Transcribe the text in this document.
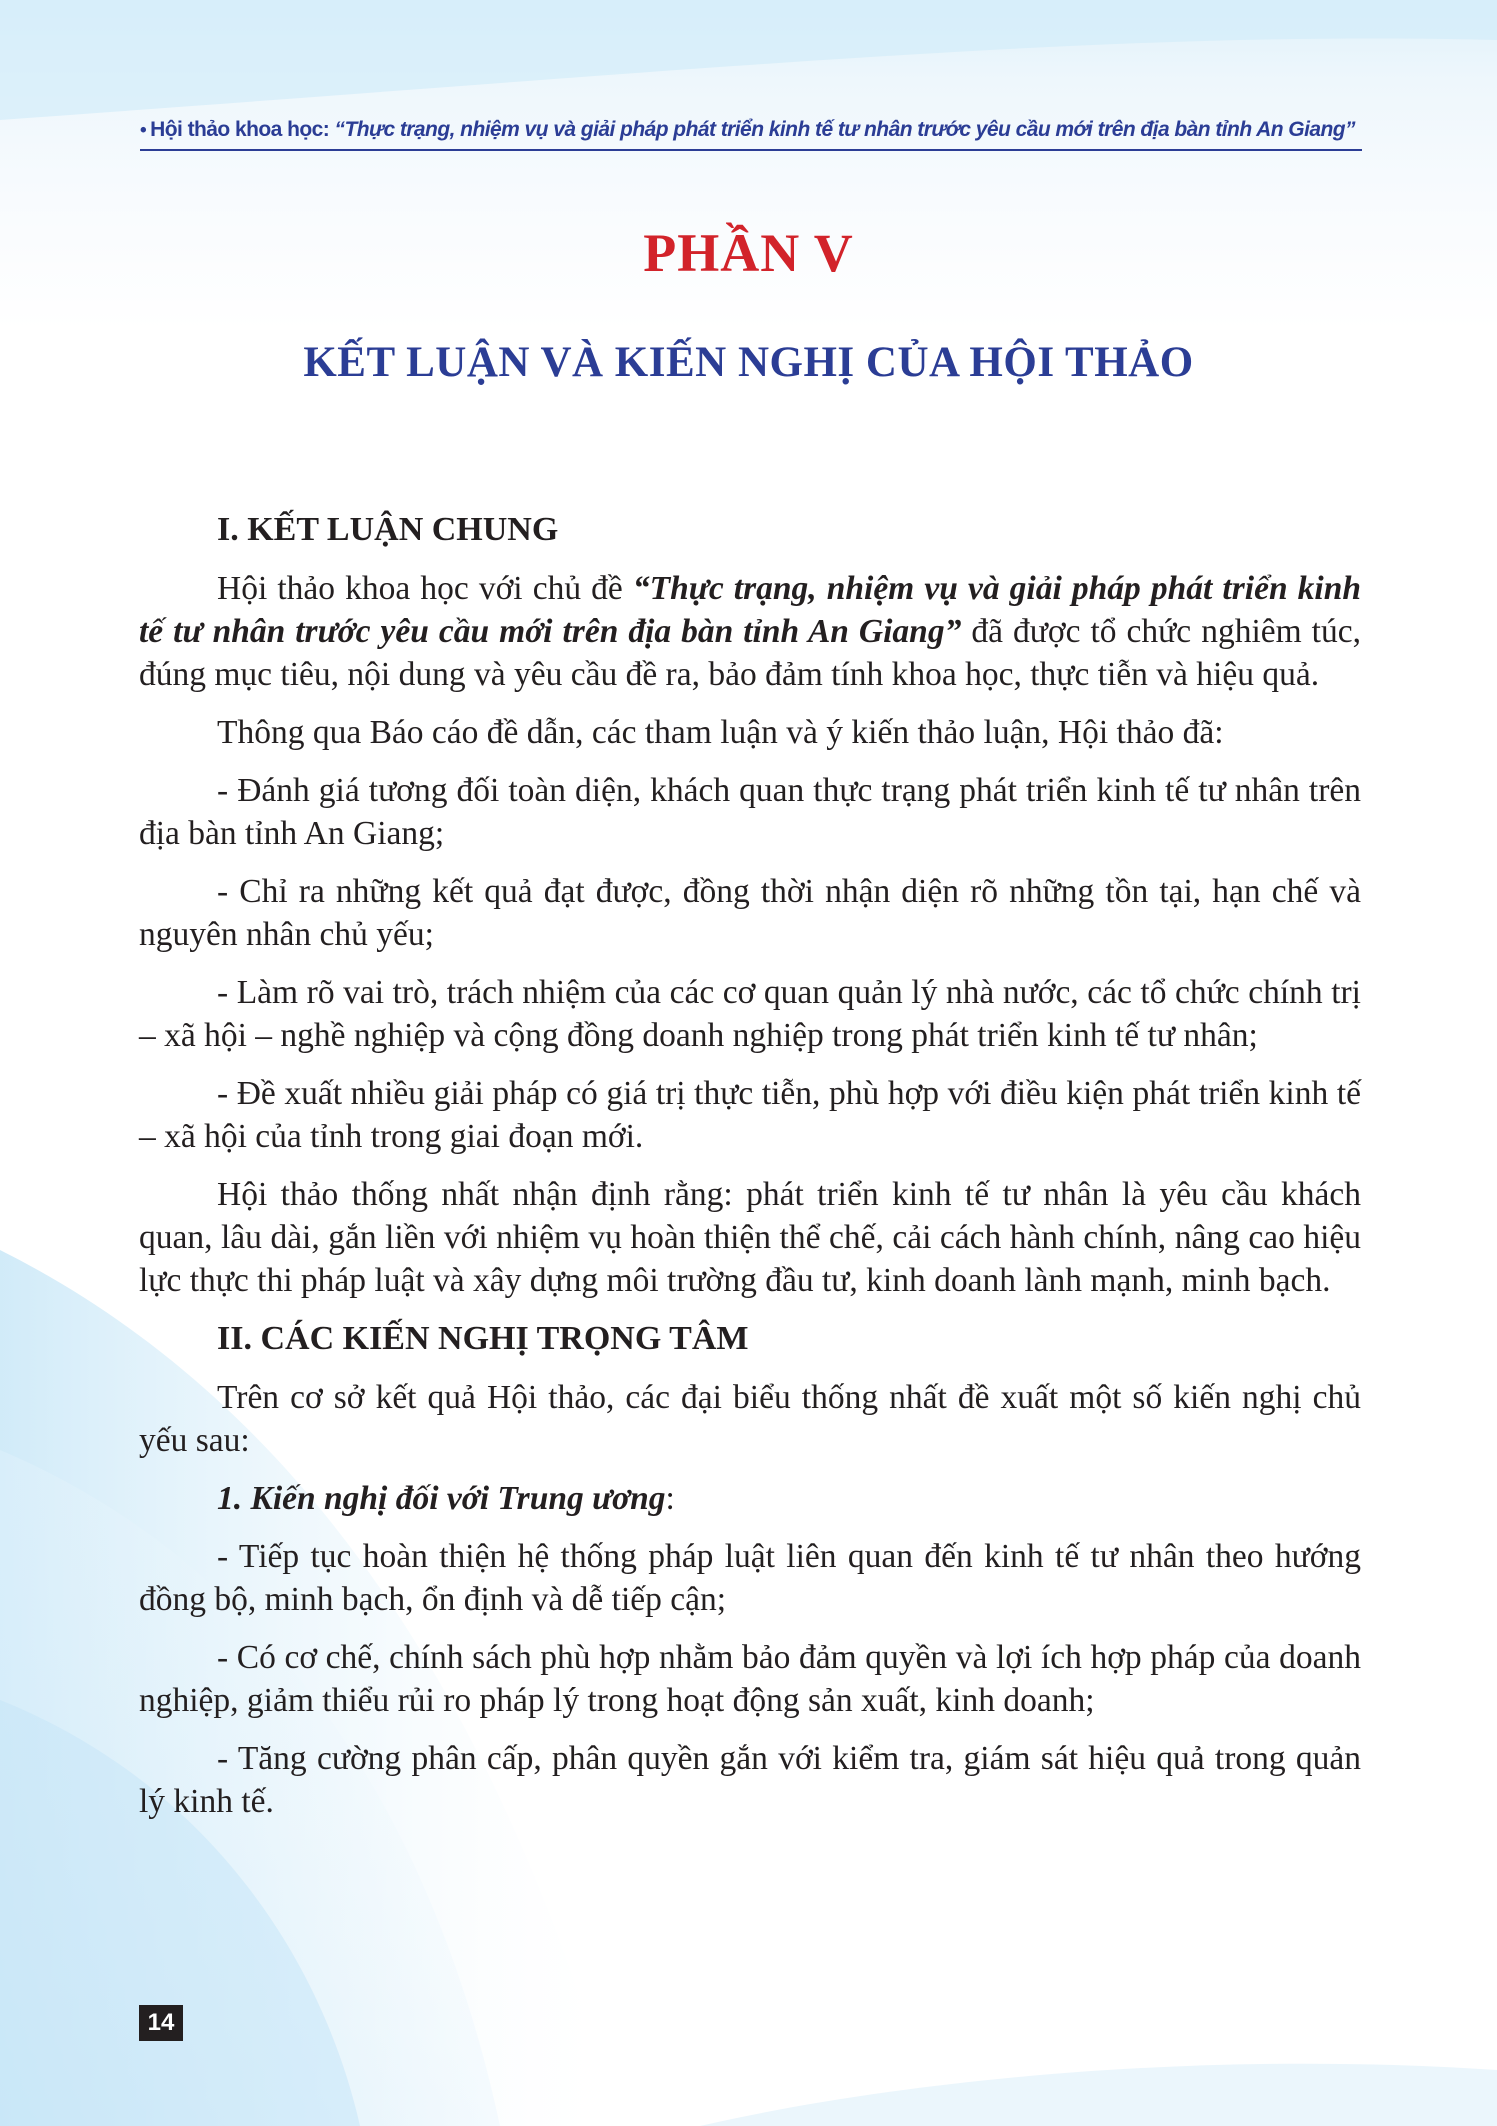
• Hội thảo khoa học: “Thực trạng, nhiệm vụ và giải pháp phát triển kinh tế tư nhân trước yêu cầu mới trên địa bàn tỉnh An Giang”
PHẦN V
KẾT LUẬN VÀ KIẾN NGHỊ CỦA HỘI THẢO
I. KẾT LUẬN CHUNG

Hội thảo khoa học với chủ đề “Thực trạng, nhiệm vụ và giải pháp phát triển kinh tế tư nhân trước yêu cầu mới trên địa bàn tỉnh An Giang” đã được tổ chức nghiêm túc, đúng mục tiêu, nội dung và yêu cầu đề ra, bảo đảm tính khoa học, thực tiễn và hiệu quả.

Thông qua Báo cáo đề dẫn, các tham luận và ý kiến thảo luận, Hội thảo đã:

- Đánh giá tương đối toàn diện, khách quan thực trạng phát triển kinh tế tư nhân trên địa bàn tỉnh An Giang;

- Chỉ ra những kết quả đạt được, đồng thời nhận diện rõ những tồn tại, hạn chế và nguyên nhân chủ yếu;

- Làm rõ vai trò, trách nhiệm của các cơ quan quản lý nhà nước, các tổ chức chính trị – xã hội – nghề nghiệp và cộng đồng doanh nghiệp trong phát triển kinh tế tư nhân;

- Đề xuất nhiều giải pháp có giá trị thực tiễn, phù hợp với điều kiện phát triển kinh tế – xã hội của tỉnh trong giai đoạn mới.

Hội thảo thống nhất nhận định rằng: phát triển kinh tế tư nhân là yêu cầu khách quan, lâu dài, gắn liền với nhiệm vụ hoàn thiện thể chế, cải cách hành chính, nâng cao hiệu lực thực thi pháp luật và xây dựng môi trường đầu tư, kinh doanh lành mạnh, minh bạch.

II. CÁC KIẾN NGHỊ TRỌNG TÂM

Trên cơ sở kết quả Hội thảo, các đại biểu thống nhất đề xuất một số kiến nghị chủ yếu sau:

1. Kiến nghị đối với Trung ương:

- Tiếp tục hoàn thiện hệ thống pháp luật liên quan đến kinh tế tư nhân theo hướng đồng bộ, minh bạch, ổn định và dễ tiếp cận;

- Có cơ chế, chính sách phù hợp nhằm bảo đảm quyền và lợi ích hợp pháp của doanh nghiệp, giảm thiểu rủi ro pháp lý trong hoạt động sản xuất, kinh doanh;

- Tăng cường phân cấp, phân quyền gắn với kiểm tra, giám sát hiệu quả trong quản lý kinh tế.

14
